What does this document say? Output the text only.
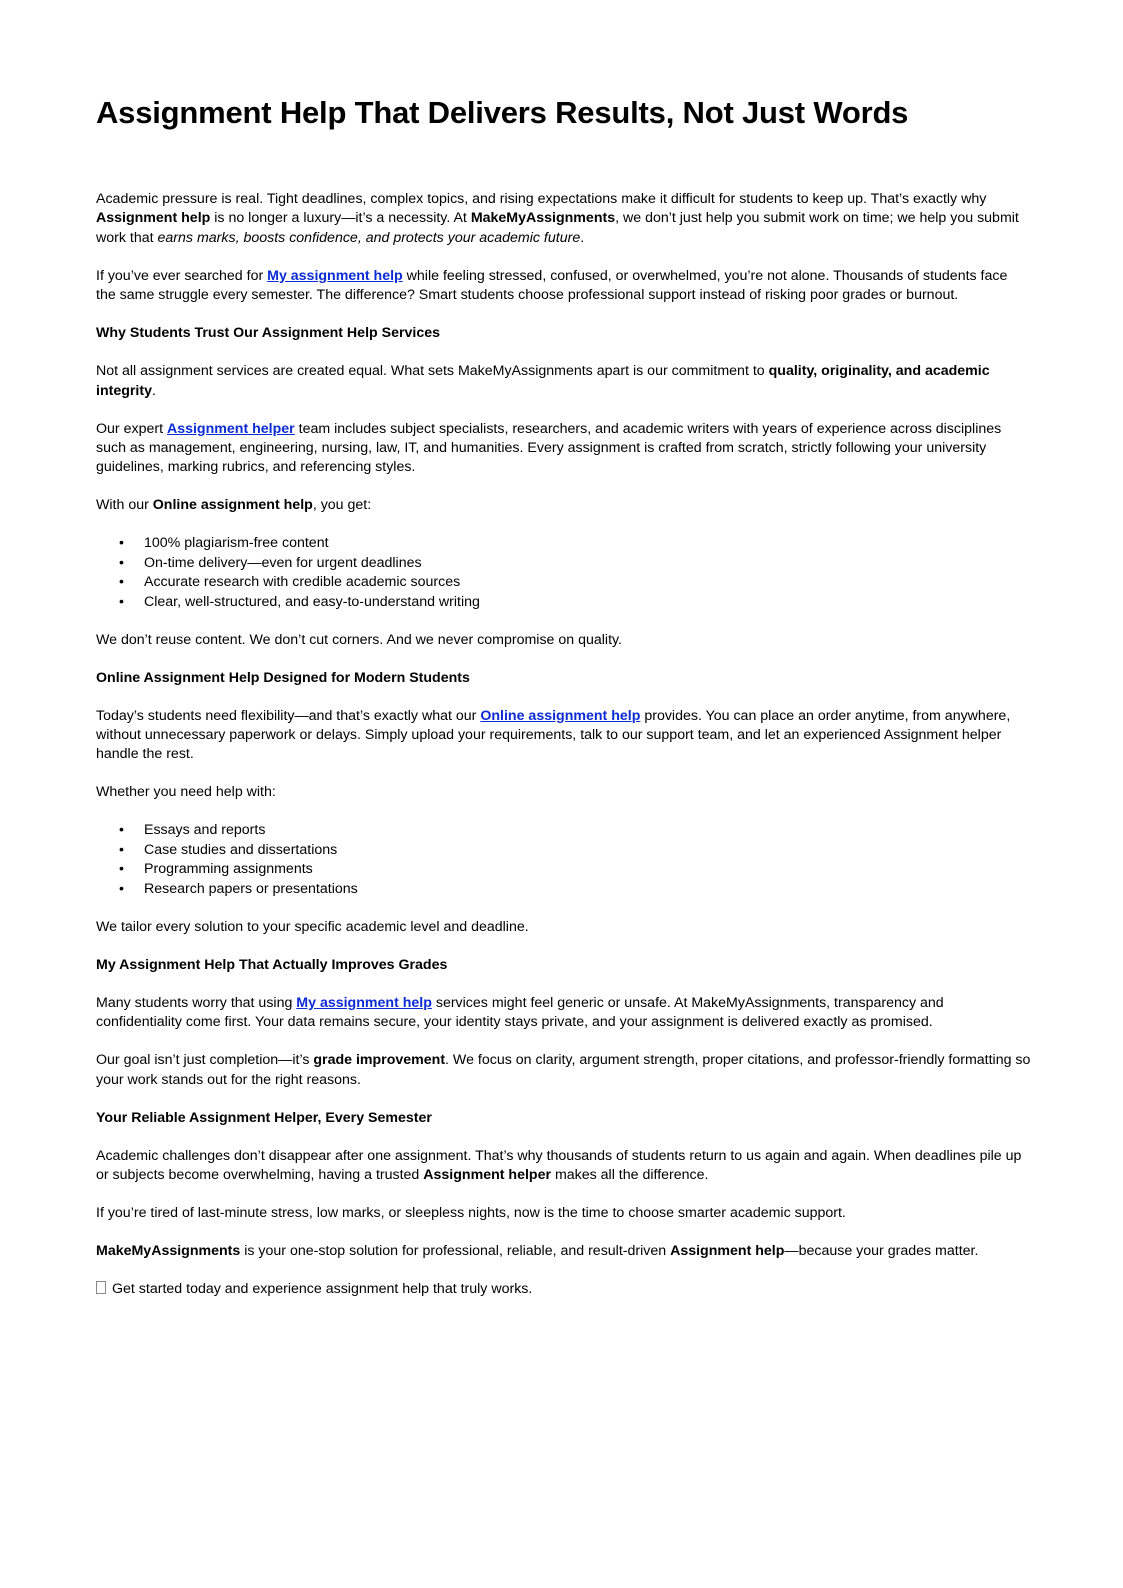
Assignment Help That Delivers Results, Not Just Words

Academic pressure is real. Tight deadlines, complex topics, and rising expectations make it difficult for students to keep up. That’s exactly why Assignment help is no longer a luxury—it’s a necessity. At MakeMyAssignments, we don’t just help you submit work on time; we help you submit work that earns marks, boosts confidence, and protects your academic future.

If you’ve ever searched for My assignment help while feeling stressed, confused, or overwhelmed, you’re not alone. Thousands of students face the same struggle every semester. The difference? Smart students choose professional support instead of risking poor grades or burnout.

Why Students Trust Our Assignment Help Services

Not all assignment services are created equal. What sets MakeMyAssignments apart is our commitment to quality, originality, and academic integrity.

Our expert Assignment helper team includes subject specialists, researchers, and academic writers with years of experience across disciplines such as management, engineering, nursing, law, IT, and humanities. Every assignment is crafted from scratch, strictly following your university guidelines, marking rubrics, and referencing styles.

With our Online assignment help, you get:

• 100% plagiarism-free content
• On-time delivery—even for urgent deadlines
• Accurate research with credible academic sources
• Clear, well-structured, and easy-to-understand writing

We don’t reuse content. We don’t cut corners. And we never compromise on quality.

Online Assignment Help Designed for Modern Students

Today’s students need flexibility—and that’s exactly what our Online assignment help provides. You can place an order anytime, from anywhere, without unnecessary paperwork or delays. Simply upload your requirements, talk to our support team, and let an experienced Assignment helper handle the rest.

Whether you need help with:

• Essays and reports
• Case studies and dissertations
• Programming assignments
• Research papers or presentations

We tailor every solution to your specific academic level and deadline.

My Assignment Help That Actually Improves Grades

Many students worry that using My assignment help services might feel generic or unsafe. At MakeMyAssignments, transparency and confidentiality come first. Your data remains secure, your identity stays private, and your assignment is delivered exactly as promised.

Our goal isn’t just completion—it’s grade improvement. We focus on clarity, argument strength, proper citations, and professor-friendly formatting so your work stands out for the right reasons.

Your Reliable Assignment Helper, Every Semester

Academic challenges don’t disappear after one assignment. That’s why thousands of students return to us again and again. When deadlines pile up or subjects become overwhelming, having a trusted Assignment helper makes all the difference.

If you’re tired of last-minute stress, low marks, or sleepless nights, now is the time to choose smarter academic support.

MakeMyAssignments is your one-stop solution for professional, reliable, and result-driven Assignment help—because your grades matter.

Get started today and experience assignment help that truly works.
